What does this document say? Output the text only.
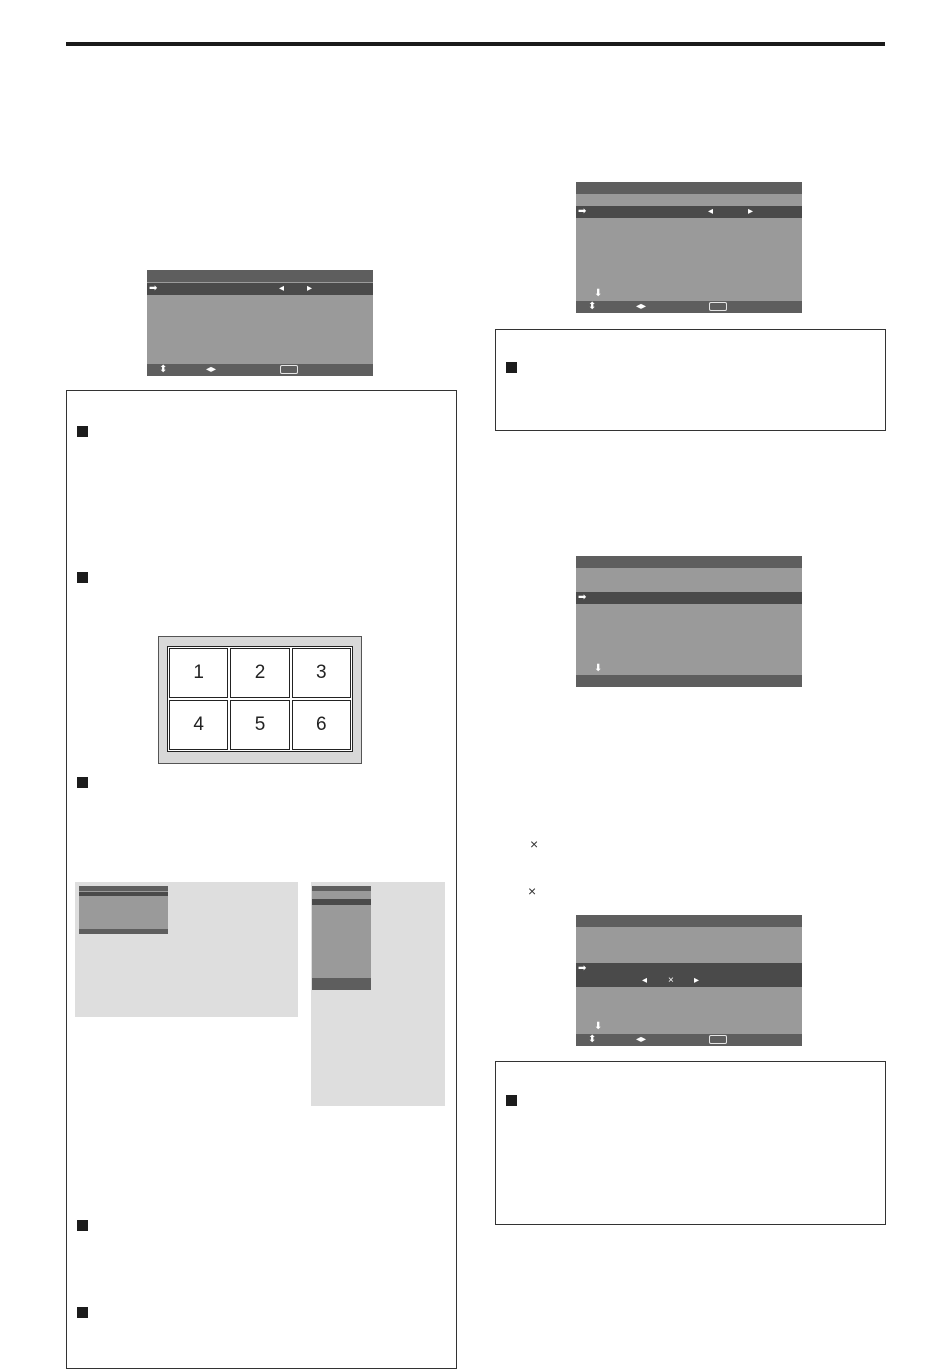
➡	◂ ▸
⬍	◂▸
1	2	3
4	5	6
➡	◂	▸
⬇
⬍	◂▸
➡
⬇
×
×
➡
◂ × ▸
⬇
⬍	◂▸
